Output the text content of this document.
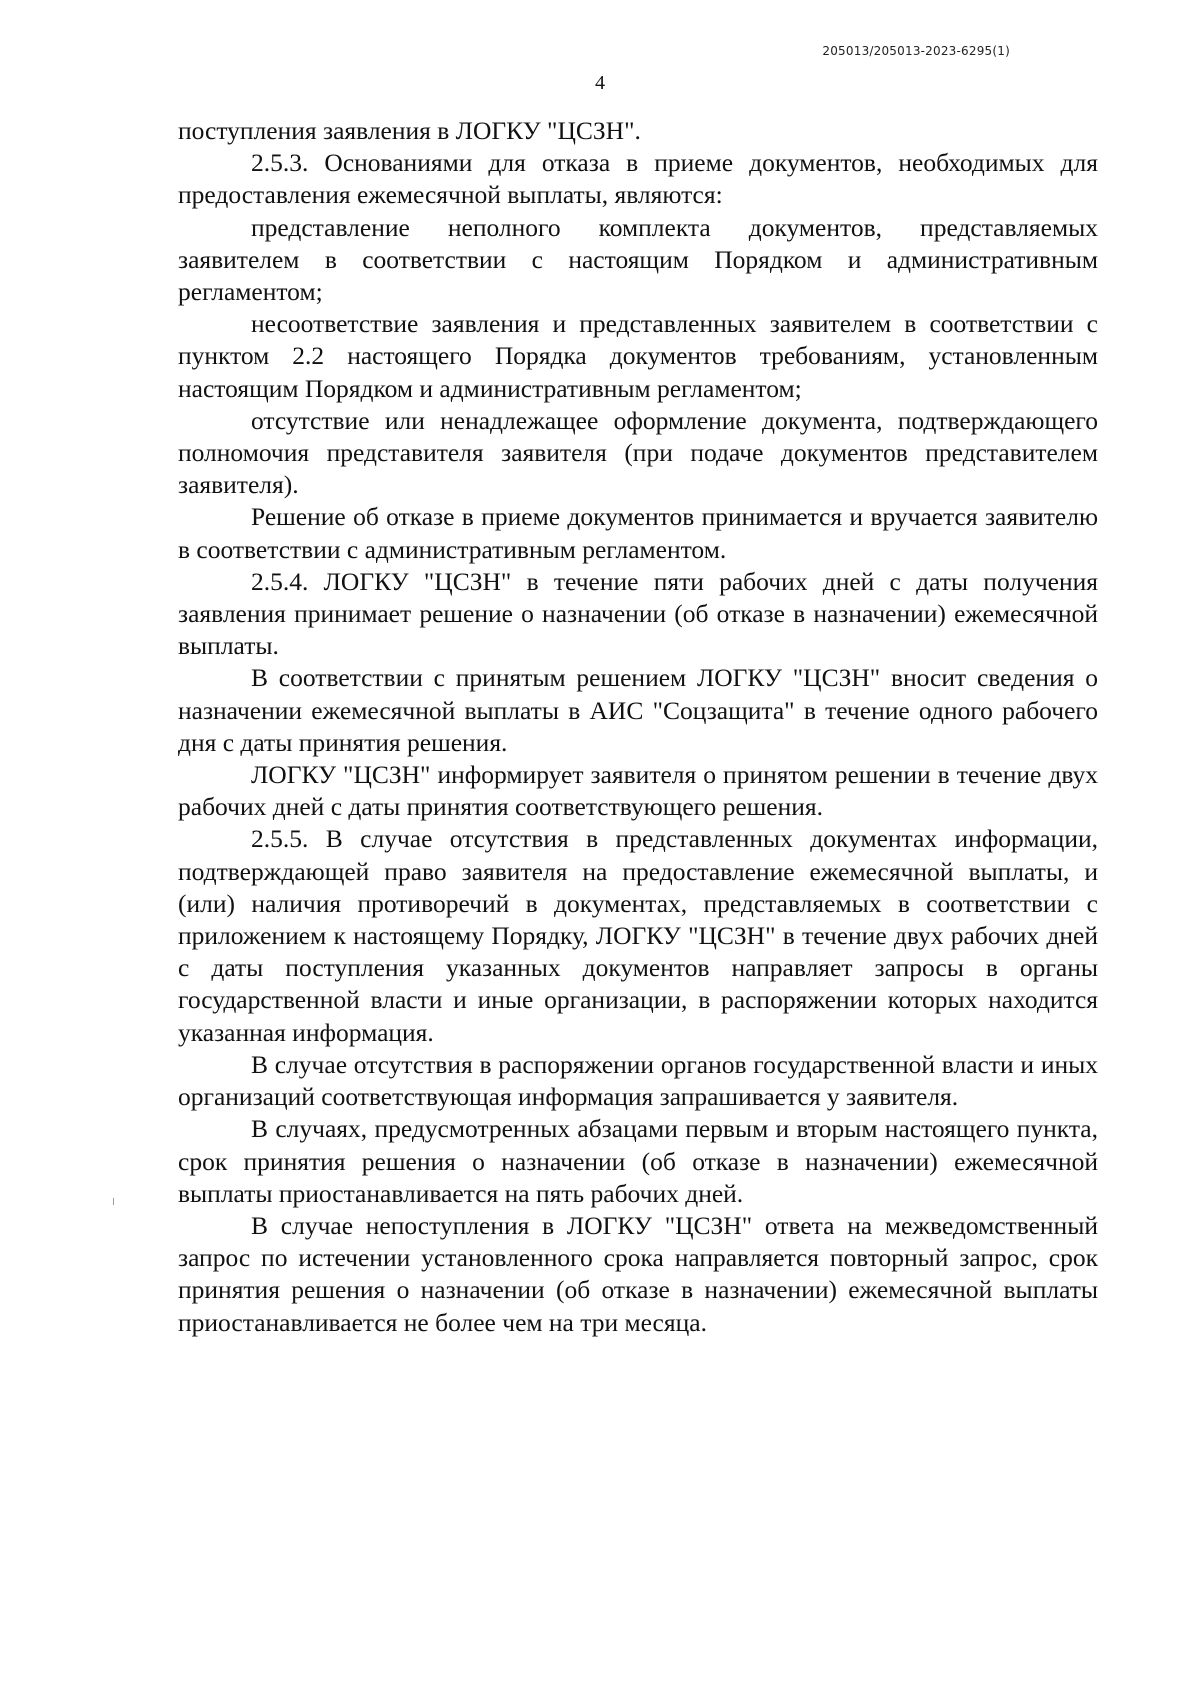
205013/205013-2023-6295(1)
4

поступления заявления в ЛОГКУ "ЦСЗН".

2.5.3. Основаниями для отказа в приеме документов, необходимых для предоставления ежемесячной выплаты, являются:

представление неполного комплекта документов, представляемых заявителем в соответствии с настоящим Порядком и административным регламентом;

несоответствие заявления и представленных заявителем в соответствии с пунктом 2.2 настоящего Порядка документов требованиям, установленным настоящим Порядком и административным регламентом;

отсутствие или ненадлежащее оформление документа, подтверждающего полномочия представителя заявителя (при подаче документов представителем заявителя).

Решение об отказе в приеме документов принимается и вручается заявителю в соответствии с административным регламентом.

2.5.4. ЛОГКУ "ЦСЗН" в течение пяти рабочих дней с даты получения заявления принимает решение о назначении (об отказе в назначении) ежемесячной выплаты.

В соответствии с принятым решением ЛОГКУ "ЦСЗН" вносит сведения о назначении ежемесячной выплаты в АИС "Соцзащита" в течение одного рабочего дня с даты принятия решения.

ЛОГКУ "ЦСЗН" информирует заявителя о принятом решении в течение двух рабочих дней с даты принятия соответствующего решения.

2.5.5. В случае отсутствия в представленных документах информации, подтверждающей право заявителя на предоставление ежемесячной выплаты, и (или) наличия противоречий в документах, представляемых в соответствии с приложением к настоящему Порядку, ЛОГКУ "ЦСЗН" в течение двух рабочих дней с даты поступления указанных документов направляет запросы в органы государственной власти и иные организации, в распоряжении которых находится указанная информация.

В случае отсутствия в распоряжении органов государственной власти и иных организаций соответствующая информация запрашивается у заявителя.

В случаях, предусмотренных абзацами первым и вторым настоящего пункта, срок принятия решения о назначении (об отказе в назначении) ежемесячной выплаты приостанавливается на пять рабочих дней.

В случае непоступления в ЛОГКУ "ЦСЗН" ответа на межведомственный запрос по истечении установленного срока направляется повторный запрос, срок принятия решения о назначении (об отказе в назначении) ежемесячной выплаты приостанавливается не более чем на три месяца.
